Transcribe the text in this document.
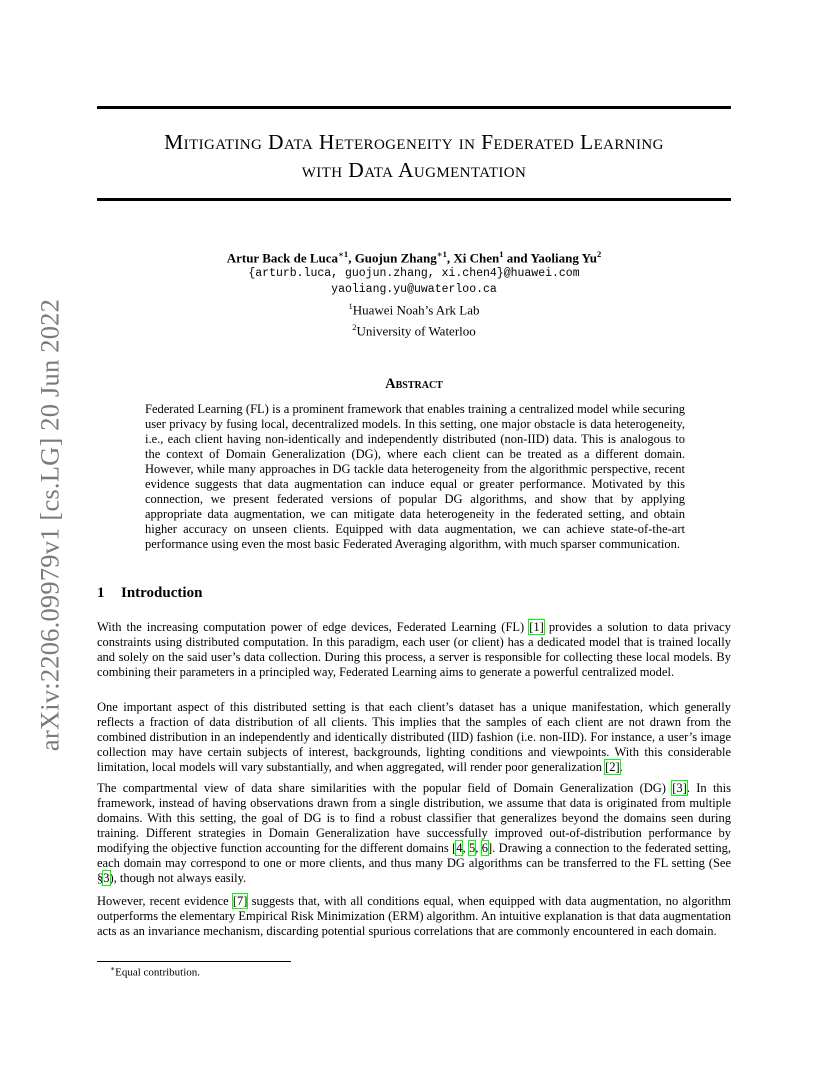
arXiv:2206.09979v1 [cs.LG] 20 Jun 2022
Mitigating Data Heterogeneity in Federated Learning
with Data Augmentation
Artur Back de Luca$^{∗1}$, Guojun Zhang$^{∗1}$, Xi Chen$^1$ and Yaoliang Yu$^2$
{arturb.luca, guojun.zhang, xi.chen4}@huawei.com
yaoliang.yu@uwaterloo.ca
$^1$Huawei Noah’s Ark Lab
$^2$University of Waterloo
Abstract
Federated Learning (FL) is a prominent framework that enables training a centralized model while securing user privacy by fusing local, decentralized models. In this setting, one major obstacle is data heterogeneity, i.e., each client having non-identically and independently distributed (non-IID) data. This is analogous to the context of Domain Generalization (DG), where each client can be treated as a different domain. However, while many approaches in DG tackle data heterogeneity from the algorithmic perspective, recent evidence suggests that data augmentation can induce equal or greater performance. Motivated by this connection, we present federated versions of popular DG algorithms, and show that by applying appropriate data augmentation, we can mitigate data heterogeneity in the federated setting, and obtain higher accuracy on unseen clients. Equipped with data augmentation, we can achieve state-of-the-art performance using even the most basic Federated Averaging algorithm, with much sparser communication.
1 Introduction
With the increasing computation power of edge devices, Federated Learning (FL) [1] provides a solution to data privacy constraints using distributed computation. In this paradigm, each user (or client) has a dedicated model that is trained locally and solely on the said user’s data collection. During this process, a server is responsible for collecting these local models. By combining their parameters in a principled way, Federated Learning aims to generate a powerful centralized model.
One important aspect of this distributed setting is that each client’s dataset has a unique manifestation, which generally reflects a fraction of data distribution of all clients. This implies that the samples of each client are not drawn from the combined distribution in an independently and identically distributed (IID) fashion (i.e. non-IID). For instance, a user’s image collection may have certain subjects of interest, backgrounds, lighting conditions and viewpoints. With this considerable limitation, local models will vary substantially, and when aggregated, will render poor generalization [2].
The compartmental view of data share similarities with the popular field of Domain Generalization (DG) [3]. In this framework, instead of having observations drawn from a single distribution, we assume that data is originated from multiple domains. With this setting, the goal of DG is to find a robust classifier that generalizes beyond the domains seen during training. Different strategies in Domain Generalization have successfully improved out-of-distribution performance by modifying the objective function accounting for the different domains [4, 5, 6]. Drawing a connection to the federated setting, each domain may correspond to one or more clients, and thus many DG algorithms can be transferred to the FL setting (See §3), though not always easily.
However, recent evidence [7] suggests that, with all conditions equal, when equipped with data augmentation, no algorithm outperforms the elementary Empirical Risk Minimization (ERM) algorithm. An intuitive explanation is that data augmentation acts as an invariance mechanism, discarding potential spurious correlations that are commonly encountered in each domain.
∗Equal contribution.
